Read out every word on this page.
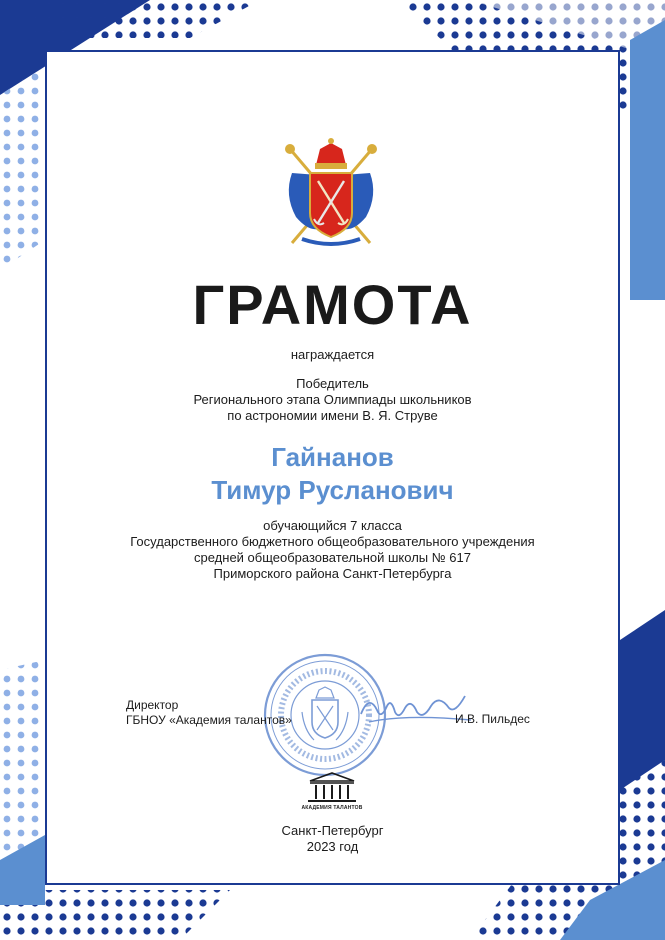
ГРАМОТА
награждается
Победитель
Регионального этапа Олимпиады школьников
по астрономии имени В. Я. Струве
Гайнанов
Тимур Русланович
обучающийся 7 класса
Государственного бюджетного общеобразовательного учреждения
средней общеобразовательной школы № 617
Приморского района Санкт-Петербурга
Директор
ГБНОУ «Академия талантов»	И.В. Пильдес
АКАДЕМИЯ ТАЛАНТОВ
Санкт-Петербург
2023 год
